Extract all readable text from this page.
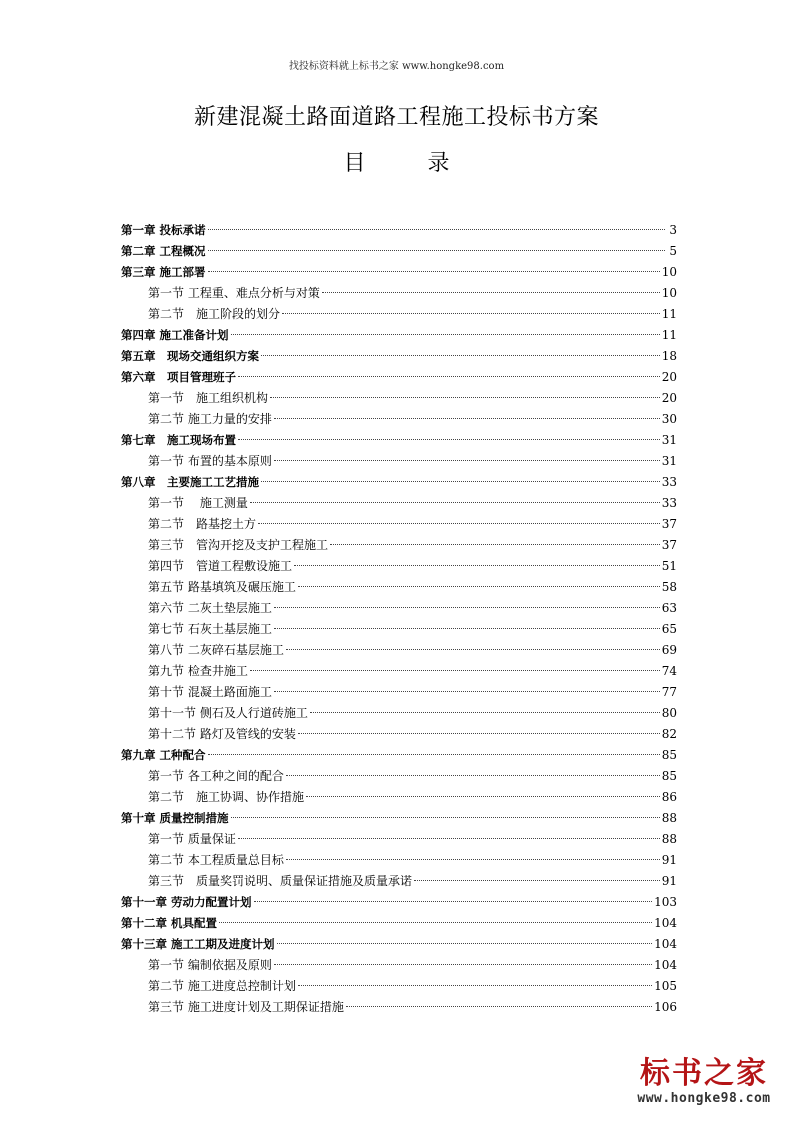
找投标资料就上标书之家 www.hongke98.com
新建混凝土路面道路工程施工投标书方案
目	录
第一章 投标承诺	3
第二章 工程概况	5
第三章 施工部署	10
第一节 工程重、难点分析与对策	10
第二节　施工阶段的划分	11
第四章 施工准备计划	11
第五章　现场交通组织方案	18
第六章　项目管理班子	20
第一节　施工组织机构	20
第二节 施工力量的安排	30
第七章　施工现场布置	31
第一节 布置的基本原则	31
第八章　主要施工工艺措施	33
第一节　 施工测量	33
第二节　路基挖土方	37
第三节　管沟开挖及支护工程施工	37
第四节　管道工程敷设施工	51
第五节 路基填筑及碾压施工	58
第六节 二灰土垫层施工	63
第七节 石灰土基层施工	65
第八节 二灰碎石基层施工	69
第九节 检查井施工	74
第十节 混凝土路面施工	77
第十一节 侧石及人行道砖施工	80
第十二节 路灯及管线的安装	82
第九章 工种配合	85
第一节 各工种之间的配合	85
第二节　施工协调、协作措施	86
第十章 质量控制措施	88
第一节 质量保证	88
第二节 本工程质量总目标	91
第三节　质量奖罚说明、质量保证措施及质量承诺	91
第十一章 劳动力配置计划	103
第十二章 机具配置	104
第十三章 施工工期及进度计划	104
第一节 编制依据及原则	104
第二节 施工进度总控制计划	105
第三节 施工进度计划及工期保证措施	106
标书之家
www.hongke98.com
